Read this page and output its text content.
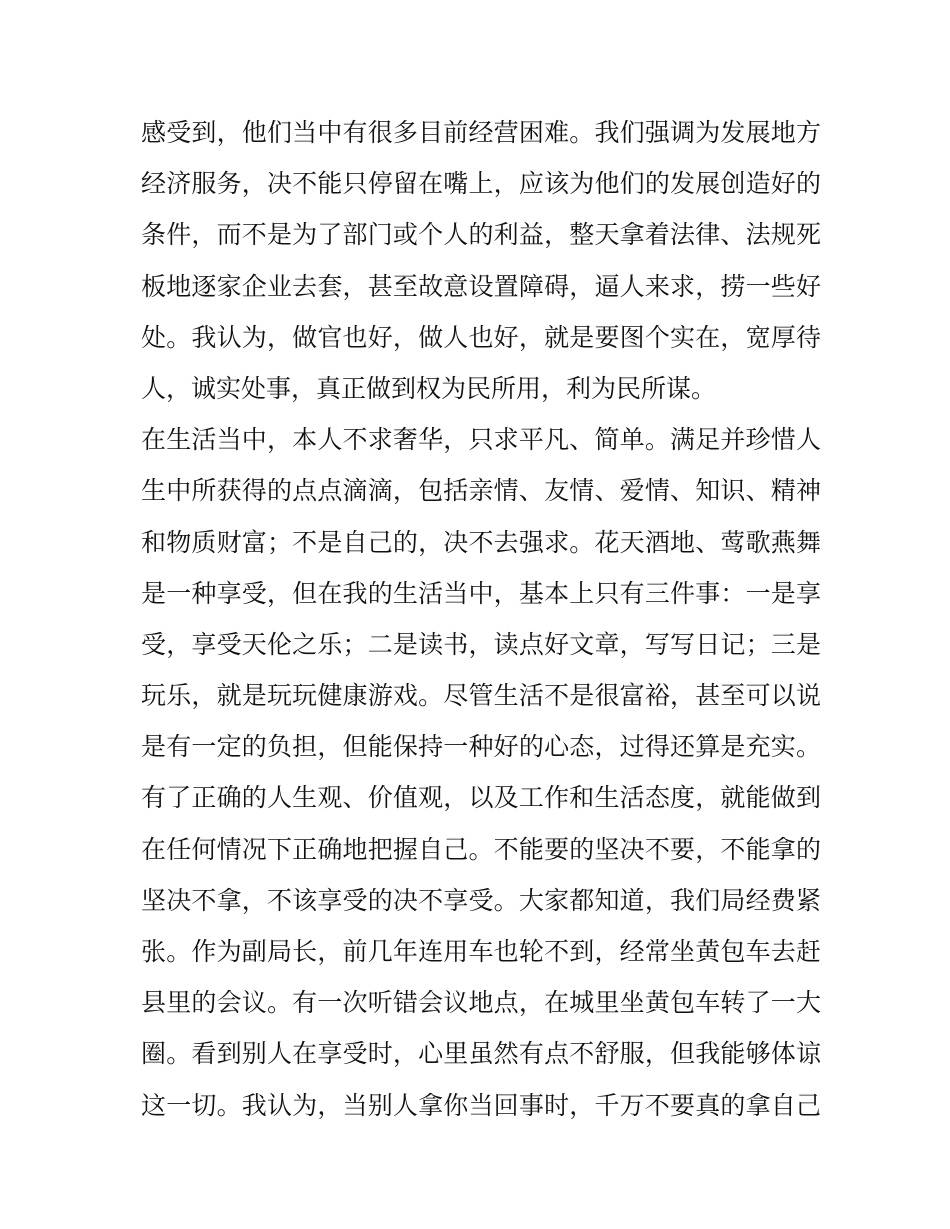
感受到，他们当中有很多目前经营困难。我们强调为发展地方
经济服务，决不能只停留在嘴上，应该为他们的发展创造好的
条件，而不是为了部门或个人的利益，整天拿着法律、法规死
板地逐家企业去套，甚至故意设置障碍，逼人来求，捞一些好
处。我认为，做官也好，做人也好，就是要图个实在，宽厚待
人，诚实处事，真正做到权为民所用，利为民所谋。
在生活当中，本人不求奢华，只求平凡、简单。满足并珍惜人
生中所获得的点点滴滴，包括亲情、友情、爱情、知识、精神
和物质财富；不是自己的，决不去强求。花天酒地、莺歌燕舞
是一种享受，但在我的生活当中，基本上只有三件事：一是享
受，享受天伦之乐；二是读书，读点好文章，写写日记；三是
玩乐，就是玩玩健康游戏。尽管生活不是很富裕，甚至可以说
是有一定的负担，但能保持一种好的心态，过得还算是充实。
有了正确的人生观、价值观，以及工作和生活态度，就能做到
在任何情况下正确地把握自己。不能要的坚决不要，不能拿的
坚决不拿，不该享受的决不享受。大家都知道，我们局经费紧
张。作为副局长，前几年连用车也轮不到，经常坐黄包车去赶
县里的会议。有一次听错会议地点，在城里坐黄包车转了一大
圈。看到别人在享受时，心里虽然有点不舒服，但我能够体谅
这一切。我认为，当别人拿你当回事时，千万不要真的拿自己
